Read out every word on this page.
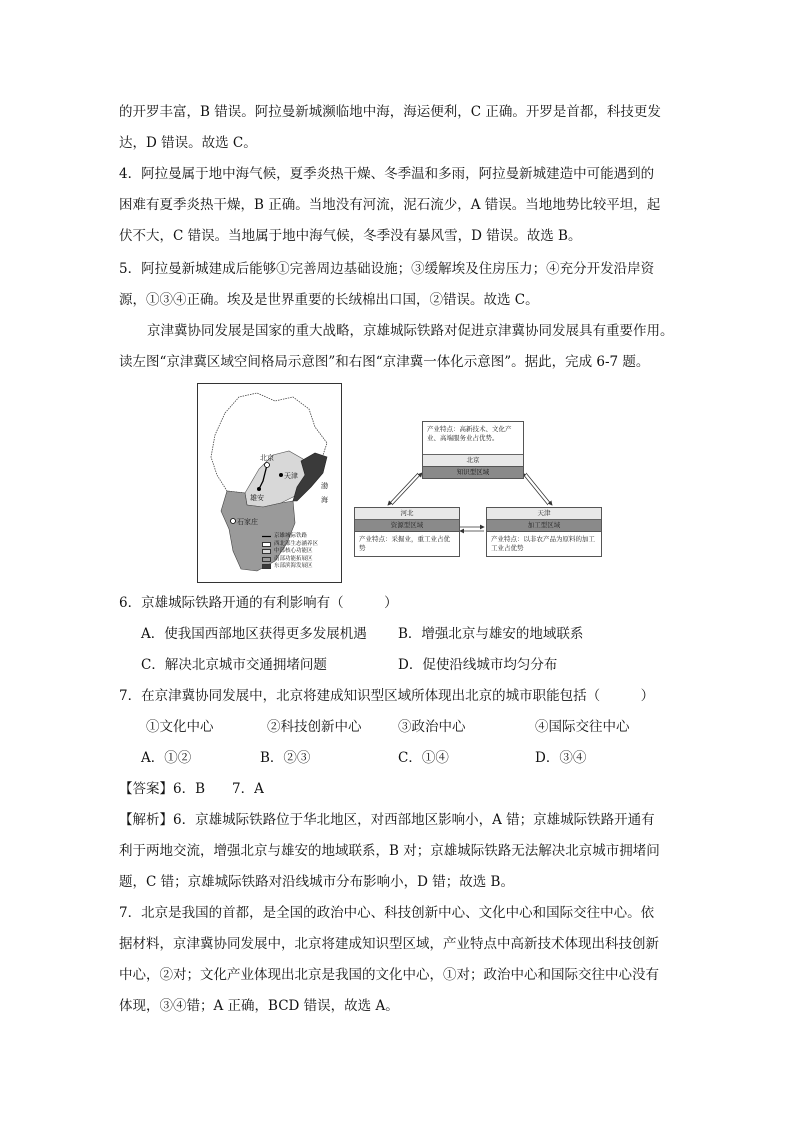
的开罗丰富，B 错误。阿拉曼新城濒临地中海，海运便利，C 正确。开罗是首都，科技更发
达，D 错误。故选 C。
4．阿拉曼属于地中海气候，夏季炎热干燥、冬季温和多雨，阿拉曼新城建造中可能遇到的
困难有夏季炎热干燥，B 正确。当地没有河流，泥石流少，A 错误。当地地势比较平坦，起
伏不大，C 错误。当地属于地中海气候，冬季没有暴风雪，D 错误。故选 B。
5．阿拉曼新城建成后能够①完善周边基础设施；③缓解埃及住房压力；④充分开发沿岸资
源，①③④正确。埃及是世界重要的长绒棉出口国，②错误。故选 C。
京津冀协同发展是国家的重大战略，京雄城际铁路对促进京津冀协同发展具有重要作用。
读左图“京津冀区域空间格局示意图”和右图“京津冀一体化示意图”。据此，完成 6-7 题。
北京
天津
雄安
石家庄
渤
海
京雄城际铁路
西北部生态涵养区
中部核心功能区
南部功能拓展区
东部滨海发展区
产业特点：高新技术、文化产业、高端服务业占优势。
北京
知识型区域
河北
资源型区域
产业特点：采掘业，重工业占优势
天津
加工型区域
产业特点：以非农产品为原料的加工工业占优势
6．京雄城际铁路开通的有利影响有（　　　）
A．使我国西部地区获得更多发展机遇 B．增强北京与雄安的地域联系
C．解决北京城市交通拥堵问题	D．促使沿线城市均匀分布
7．在京津冀协同发展中，北京将建成知识型区域所体现出北京的城市职能包括（　　　）
①文化中心	②科技创新中心	③政治中心	④国际交往中心
A．①②	B．②③	C．①④	D．③④
【答案】6．B　　7．A
【解析】6．京雄城际铁路位于华北地区，对西部地区影响小，A 错；京雄城际铁路开通有
利于两地交流，增强北京与雄安的地域联系，B 对；京雄城际铁路无法解决北京城市拥堵问
题，C 错；京雄城际铁路对沿线城市分布影响小，D 错；故选 B。
7．北京是我国的首都，是全国的政治中心、科技创新中心、文化中心和国际交往中心。依
据材料，京津冀协同发展中，北京将建成知识型区域，产业特点中高新技术体现出科技创新
中心，②对；文化产业体现出北京是我国的文化中心，①对；政治中心和国际交往中心没有
体现，③④错；A 正确，BCD 错误，故选 A。
